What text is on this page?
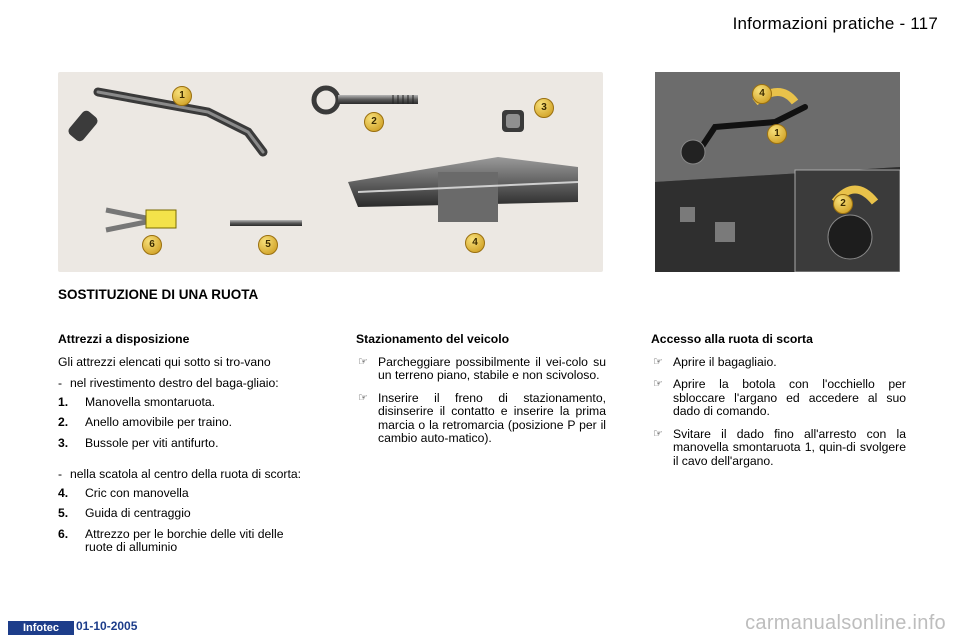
Informazioni pratiche - 117
1
2
3
4
5
6
4
1
2
SOSTITUZIONE DI UNA RUOTA
Attrezzi a disposizione

Gli attrezzi elencati qui sotto si tro-vano

- nel rivestimento destro del baga-gliaio:
1.	Manovella smontaruota.
2.	Anello amovibile per traino.
3.	Bussole per viti antifurto.
- nella scatola al centro della ruota di scorta:
4.	Cric con manovella
5.	Guida di centraggio
6.	Attrezzo per le borchie delle viti delle ruote di alluminio
Stazionamento del veicolo
☞ Parcheggiare possibilmente il vei-colo su un terreno piano, stabile e non scivoloso.
☞ Inserire il freno di stazionamento, disinserire il contatto e inserire la prima marcia o la retromarcia (posizione P per il cambio auto-matico).
Accesso alla ruota di scorta
☞ Aprire il bagagliaio.
☞ Aprire la botola con l'occhiello per sbloccare l'argano ed accedere al suo dado di comando.
☞ Svitare il dado fino all'arresto con la manovella smontaruota 1, quin-di svolgere il cavo dell'argano.
Infotec	01-10-2005	carmanualsonline.info
